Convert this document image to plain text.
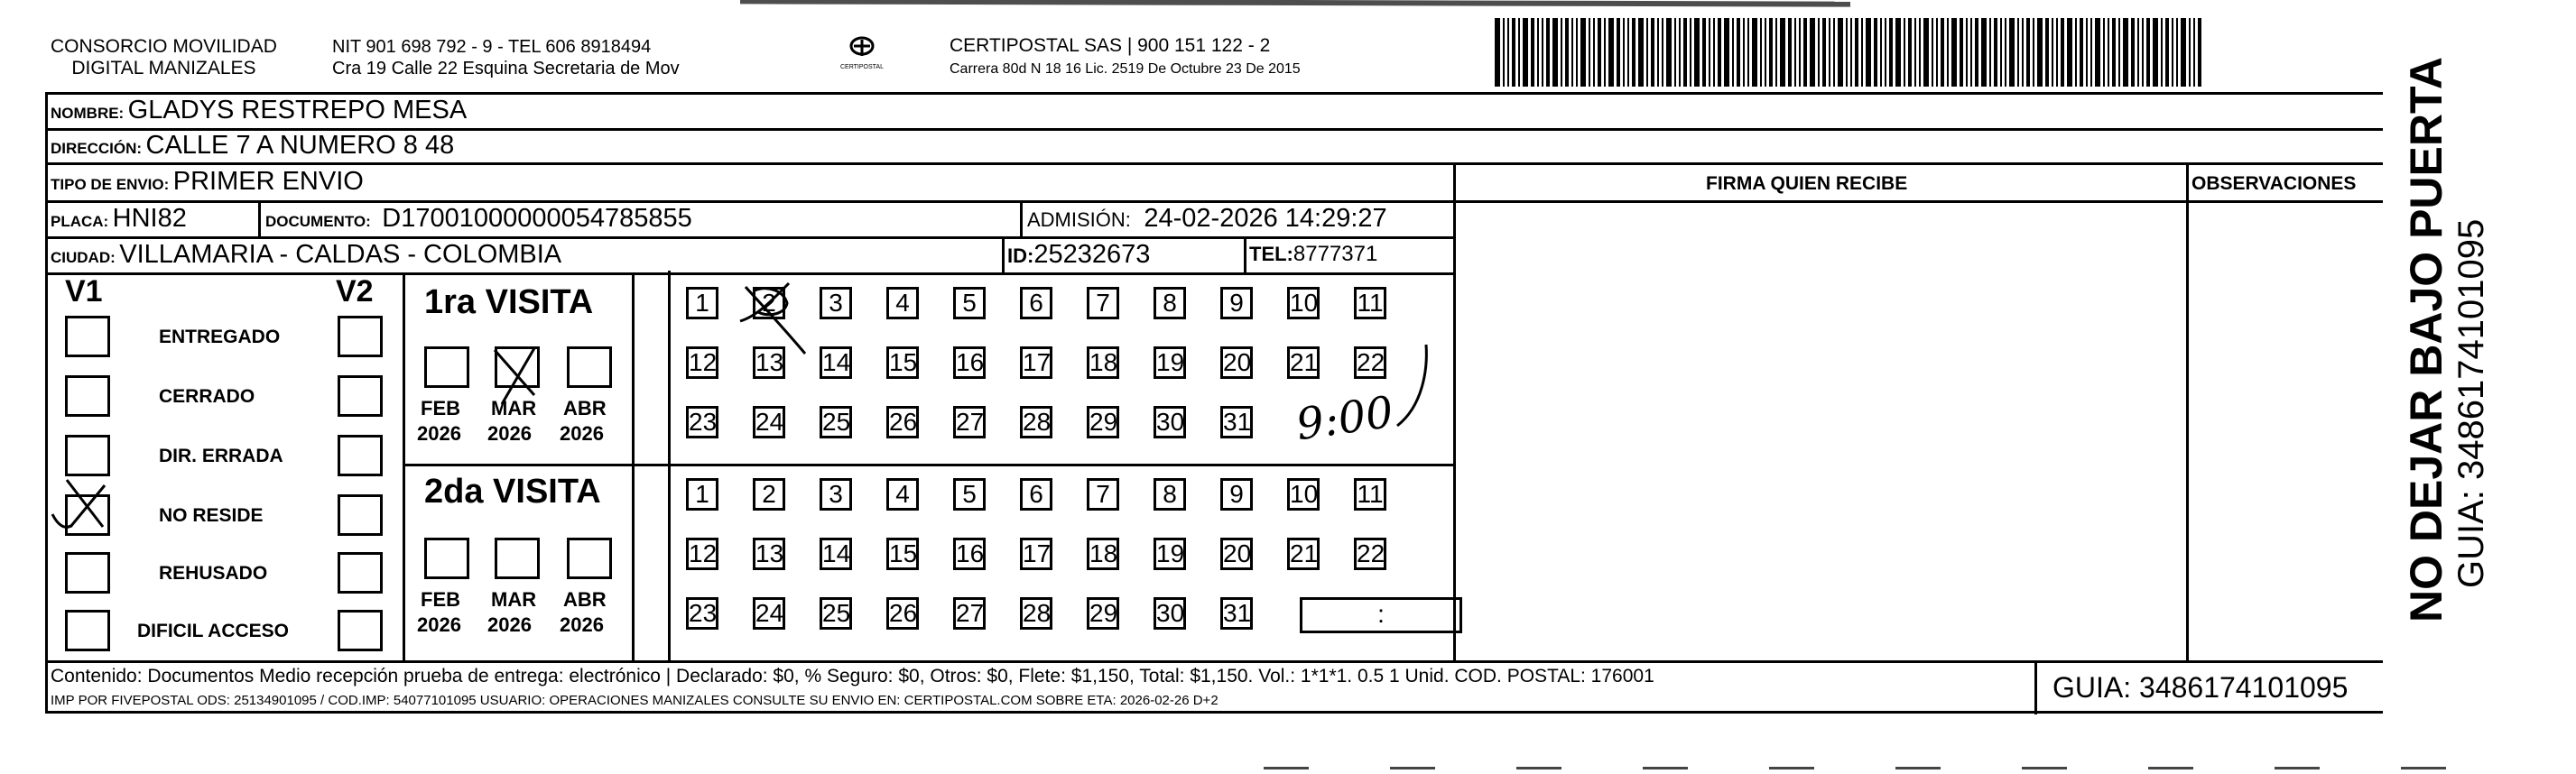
CONSORCIO MOVILIDAD
DIGITAL MANIZALES
NIT 901 698 792 - 9 - TEL 606 8918494
Cra 19 Calle 22 Esquina Secretaria de Mov	CERTIPOSTAL
CERTIPOSTAL SAS | 900 151 122 - 2
Carrera 80d N 18 16 Lic. 2519 De Octubre 23 De 2015
NOMBRE: GLADYS RESTREPO MESA
DIRECCIÓN: CALLE 7 A NUMERO 8 48
TIPO DE ENVIO: PRIMER ENVIO	FIRMA QUIEN RECIBE	OBSERVACIONES
PLACA: HNI82	DOCUMENTO: D17001000000054785855	ADMISIÓN: 24-02-2026 14:29:27
CIUDAD: VILLAMARIA - CALDAS - COLOMBIA	ID:25232673	TEL:8777371
V1	V2
ENTREGADO
CERRADO
DIR. ERRADA
NO RESIDE
REHUSADO
DIFICIL ACCESO
1ra VISITA
FEB
2026
MAR
2026
ABR
2026
1	2	3	4	5	6	7	8	9	10 11
12 13 14 15 16 17 18 19 20 21 22
23 24 25 26 27 28 29 30 31
2da VISITA
FEB
2026
MAR
2026
ABR
2026
1	2	3	4	5	6	7	8	9	10 11
12 13 14 15 16 17 18 19 20 21 22
23 24 25 26 27 28 29 30 31	:
9:00	NO DEJAR BAJO PUERTA GUIA: 3486174101095
Contenido: Documentos Medio recepción prueba de entrega: electrónico | Declarado: $0, % Seguro: $0, Otros: $0, Flete: $1,150, Total: $1,150. Vol.: 1*1*1. 0.5 1 Unid. COD. POSTAL: 176001
IMP POR FIVEPOSTAL ODS: 25134901095 / COD.IMP: 54077101095 USUARIO: OPERACIONES MANIZALES CONSULTE SU ENVIO EN: CERTIPOSTAL.COM SOBRE ETA: 2026-02-26 D+2	GUIA: 3486174101095
